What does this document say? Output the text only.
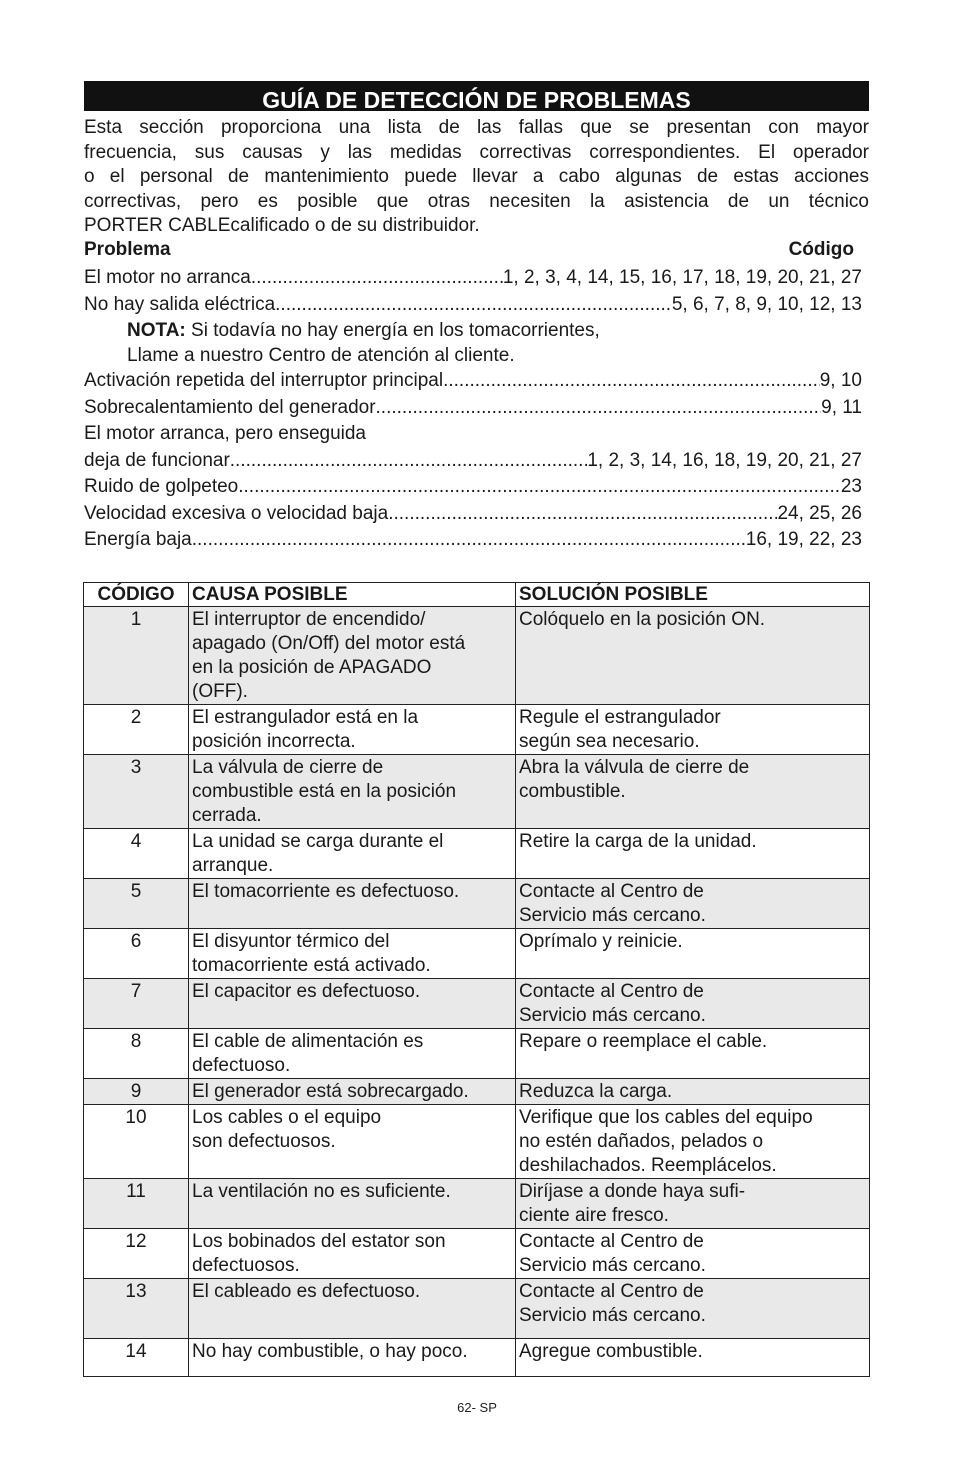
GUÍA DE DETECCIÓN DE PROBLEMAS
Esta sección proporciona una lista de las fallas que se presentan con mayor
frecuencia, sus causas y las medidas correctivas correspondientes. El operador
o el personal de mantenimiento puede llevar a cabo algunas de estas acciones
correctivas, pero es posible que otras necesiten la asistencia de un técnico
PORTER CABLEcalificado o de su distribuidor.
Problema	Código
El motor no arranca .....	1, 2, 3, 4, 14, 15, 16, 17, 18, 19, 20, 21, 27
No hay salida eléctrica .....	5, 6, 7, 8, 9, 10, 12, 13
NOTA: Si todavía no hay energía en los tomacorrientes,
Llame a nuestro Centro de atención al cliente.
Activación repetida del interruptor principal .....	9, 10
Sobrecalentamiento del generador .....	9, 11
El motor arranca, pero enseguida
deja de funcionar .....	1, 2, 3, 14, 16, 18, 19, 20, 21, 27
Ruido de golpeteo .....	23
Velocidad excesiva o velocidad baja .....	24, 25, 26
Energía baja .....	16, 19, 22, 23
CÓDIGO	CAUSA POSIBLE	SOLUCIÓN POSIBLE
1	El interruptor de encendido/
apagado (On/Off) del motor está
en la posición de APAGADO
(OFF).	Colóquelo en la posición ON.
2	El estrangulador está en la
posición incorrecta.	Regule el estrangulador
según sea necesario.
3	La válvula de cierre de
combustible está en la posición
cerrada.	Abra la válvula de cierre de
combustible.
4	La unidad se carga durante el
arranque.	Retire la carga de la unidad.
5	El tomacorriente es defectuoso.	Contacte al Centro de
Servicio más cercano.
6	El disyuntor térmico del
tomacorriente está activado.	Oprímalo y reinicie.
7	El capacitor es defectuoso.	Contacte al Centro de
Servicio más cercano.
8	El cable de alimentación es
defectuoso.	Repare o reemplace el cable.
9	El generador está sobrecargado.	Reduzca la carga.
10	Los cables o el equipo
son defectuosos.	Verifique que los cables del equipo
no estén dañados, pelados o
deshilachados. Reemplácelos.
11	La ventilación no es suficiente.	Diríjase a donde haya sufi-
ciente aire fresco.
12	Los bobinados del estator son
defectuosos.	Contacte al Centro de
Servicio más cercano.
13	El cableado es defectuoso.	Contacte al Centro de
Servicio más cercano.
14	No hay combustible, o hay poco.	Agregue combustible.
62- SP
